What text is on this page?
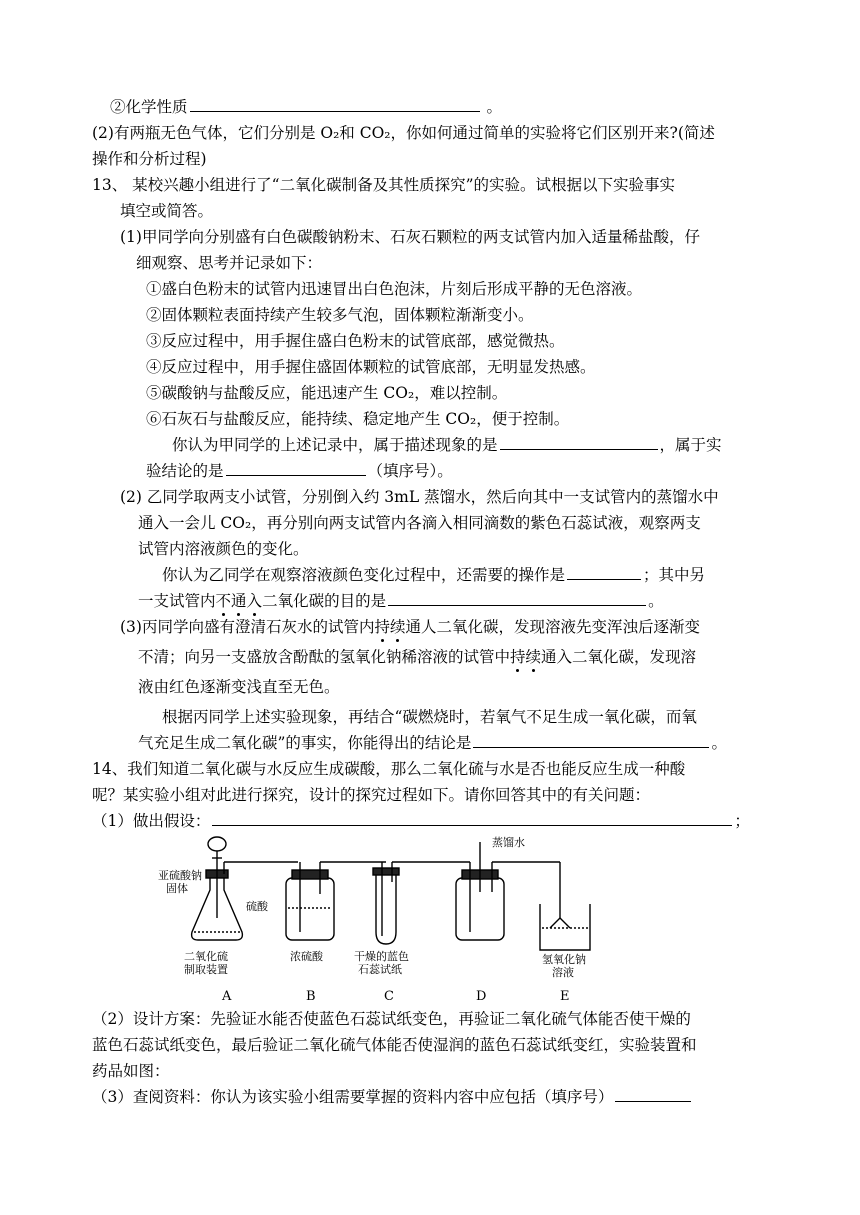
②化学性质	。
(2)有两瓶无色气体，它们分别是 O₂和 CO₂，你如何通过简单的实验将它们区别开来?(简述
操作和分析过程)
13、 某校兴趣小组进行了“二氧化碳制备及其性质探究”的实验。试根据以下实验事实
填空或简答。
(1)甲同学向分别盛有白色碳酸钠粉末、石灰石颗粒的两支试管内加入适量稀盐酸，仔
细观察、思考并记录如下：
①盛白色粉末的试管内迅速冒出白色泡沫，片刻后形成平静的无色溶液。
②固体颗粒表面持续产生较多气泡，固体颗粒渐渐变小。
③反应过程中，用手握住盛白色粉末的试管底部，感觉微热。
④反应过程中，用手握住盛固体颗粒的试管底部，无明显发热感。
⑤碳酸钠与盐酸反应，能迅速产生 CO₂，难以控制。
⑥石灰石与盐酸反应，能持续、稳定地产生 CO₂，便于控制。
你认为甲同学的上述记录中，属于描述现象的是	，属于实
验结论的是	（填序号）。
(2) 乙同学取两支小试管，分别倒入约 3mL 蒸馏水，然后向其中一支试管内的蒸馏水中
通入一会儿 CO₂，再分别向两支试管内各滴入相同滴数的紫色石蕊试液，观察两支
试管内溶液颜色的变化。
你认为乙同学在观察溶液颜色变化过程中，还需要的操作是	；其中另
一支试管内不通入二氧化碳的目的是	。
(3)丙同学向盛有澄清石灰水的试管内持续通人二氧化碳，发现溶液先变浑浊后逐渐变
不清；向另一支盛放含酚酞的氢氧化钠稀溶液的试管中持续通入二氧化碳，发现溶
液由红色逐渐变浅直至无色。
根据丙同学上述实验现象，再结合“碳燃烧时，若氧气不足生成一氧化碳，而氧
气充足生成二氧化碳”的事实，你能得出的结论是	。
14、我们知道二氧化碳与水反应生成碳酸，那么二氧化硫与水是否也能反应生成一种酸
呢？某实验小组对此进行探究，设计的探究过程如下。请你回答其中的有关问题：
（1）做出假设：	；
亚硫酸钠
固体
硫酸
二氧化硫
制取装置
浓硫酸	干燥的蓝色
石蕊试纸
蒸馏水
氢氧化钠
溶液
A	B	C	D	E
（2）设计方案：先验证水能否使蓝色石蕊试纸变色，再验证二氧化硫气体能否使干燥的
蓝色石蕊试纸变色，最后验证二氧化硫气体能否使湿润的蓝色石蕊试纸变红，实验装置和
药品如图：
（3）查阅资料：你认为该实验小组需要掌握的资料内容中应包括（填序号）
